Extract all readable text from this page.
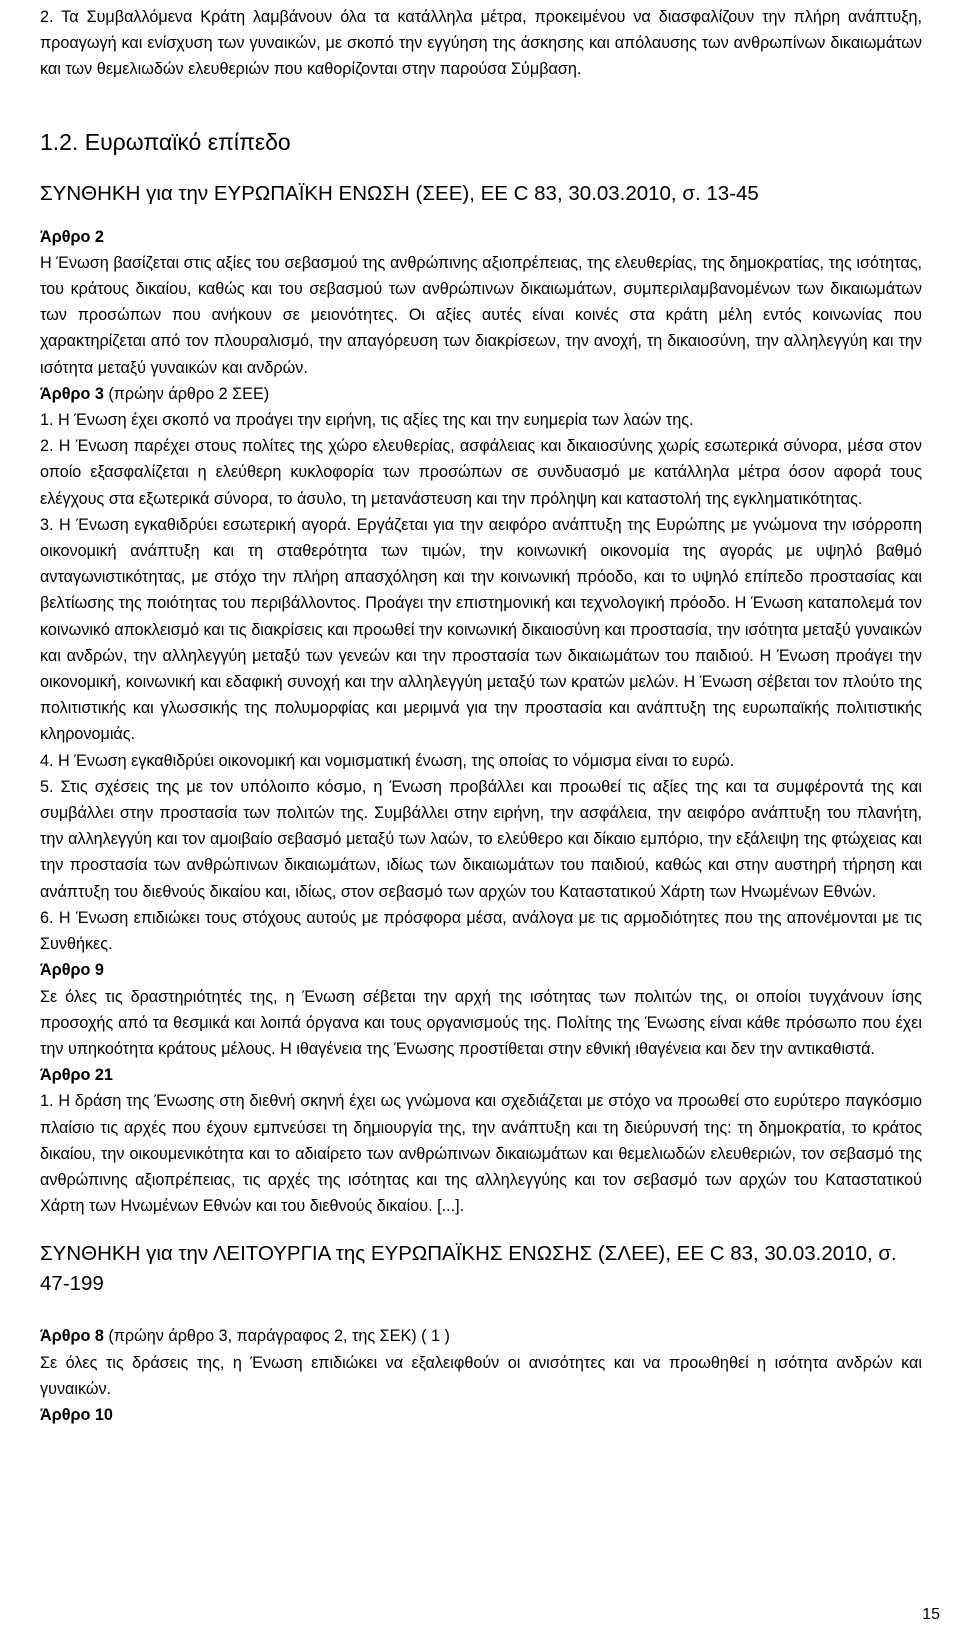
2. Τα Συμβαλλόμενα Κράτη λαμβάνουν όλα τα κατάλληλα μέτρα, προκειμένου να διασφαλίζουν την πλήρη ανάπτυξη, προαγωγή και ενίσχυση των γυναικών, με σκοπό την εγγύηση της άσκησης και απόλαυσης των ανθρωπίνων δικαιωμάτων και των θεμελιωδών ελευθεριών που καθορίζονται στην παρούσα Σύμβαση.

1.2. Ευρωπαϊκό επίπεδο
ΣΥΝΘΗΚΗ για την ΕΥΡΩΠΑΪΚΗ ΕΝΩΣΗ (ΣΕΕ), ΕΕ C 83, 30.03.2010, σ. 13-45
Άρθρο 2

Η Ένωση βασίζεται στις αξίες του σεβασμού της ανθρώπινης αξιοπρέπειας, της ελευθερίας, της δημοκρατίας, της ισότητας, του κράτους δικαίου, καθώς και του σεβασμού των ανθρώπινων δικαιωμάτων, συμπεριλαμβανομένων των δικαιωμάτων των προσώπων που ανήκουν σε μειονότητες. Οι αξίες αυτές είναι κοινές στα κράτη μέλη εντός κοινωνίας που χαρακτηρίζεται από τον πλουραλισμό, την απαγόρευση των διακρίσεων, την ανοχή, τη δικαιοσύνη, την αλληλεγγύη και την ισότητα μεταξύ γυναικών και ανδρών.

Άρθρο 3 (πρώην άρθρο 2 ΣΕΕ)

1. Η Ένωση έχει σκοπό να προάγει την ειρήνη, τις αξίες της και την ευημερία των λαών της.

2. Η Ένωση παρέχει στους πολίτες της χώρο ελευθερίας, ασφάλειας και δικαιοσύνης χωρίς εσωτερικά σύνορα, μέσα στον οποίο εξασφαλίζεται η ελεύθερη κυκλοφορία των προσώπων σε συνδυασμό με κατάλληλα μέτρα όσον αφορά τους ελέγχους στα εξωτερικά σύνορα, το άσυλο, τη μετανάστευση και την πρόληψη και καταστολή της εγκληματικότητας.

3. Η Ένωση εγκαθιδρύει εσωτερική αγορά. Εργάζεται για την αειφόρο ανάπτυξη της Ευρώπης με γνώμονα την ισόρροπη οικονομική ανάπτυξη και τη σταθερότητα των τιμών, την κοινωνική οικονομία της αγοράς με υψηλό βαθμό ανταγωνιστικότητας, με στόχο την πλήρη απασχόληση και την κοινωνική πρόοδο, και το υψηλό επίπεδο προστασίας και βελτίωσης της ποιότητας του περιβάλλοντος. Προάγει την επιστημονική και τεχνολογική πρόοδο. Η Ένωση καταπολεμά τον κοινωνικό αποκλεισμό και τις διακρίσεις και προωθεί την κοινωνική δικαιοσύνη και προστασία, την ισότητα μεταξύ γυναικών και ανδρών, την αλληλεγγύη μεταξύ των γενεών και την προστασία των δικαιωμάτων του παιδιού. Η Ένωση προάγει την οικονομική, κοινωνική και εδαφική συνοχή και την αλληλεγγύη μεταξύ των κρατών μελών. Η Ένωση σέβεται τον πλούτο της πολιτιστικής και γλωσσικής της πολυμορφίας και μεριμνά για την προστασία και ανάπτυξη της ευρωπαϊκής πολιτιστικής κληρονομιάς.

4. Η Ένωση εγκαθιδρύει οικονομική και νομισματική ένωση, της οποίας το νόμισμα είναι το ευρώ.

5. Στις σχέσεις της με τον υπόλοιπο κόσμο, η Ένωση προβάλλει και προωθεί τις αξίες της και τα συμφέροντά της και συμβάλλει στην προστασία των πολιτών της. Συμβάλλει στην ειρήνη, την ασφάλεια, την αειφόρο ανάπτυξη του πλανήτη, την αλληλεγγύη και τον αμοιβαίο σεβασμό μεταξύ των λαών, το ελεύθερο και δίκαιο εμπόριο, την εξάλειψη της φτώχειας και την προστασία των ανθρώπινων δικαιωμάτων, ιδίως των δικαιωμάτων του παιδιού, καθώς και στην αυστηρή τήρηση και ανάπτυξη του διεθνούς δικαίου και, ιδίως, στον σεβασμό των αρχών του Καταστατικού Χάρτη των Ηνωμένων Εθνών.

6. Η Ένωση επιδιώκει τους στόχους αυτούς με πρόσφορα μέσα, ανάλογα με τις αρμοδιότητες που της απονέμονται με τις Συνθήκες.

Άρθρο 9

Σε όλες τις δραστηριότητές της, η Ένωση σέβεται την αρχή της ισότητας των πολιτών της, οι οποίοι τυγχάνουν ίσης προσοχής από τα θεσμικά και λοιπά όργανα και τους οργανισμούς της. Πολίτης της Ένωσης είναι κάθε πρόσωπο που έχει την υπηκοότητα κράτους μέλους. Η ιθαγένεια της Ένωσης προστίθεται στην εθνική ιθαγένεια και δεν την αντικαθιστά.

Άρθρο 21

1. Η δράση της Ένωσης στη διεθνή σκηνή έχει ως γνώμονα και σχεδιάζεται με στόχο να προωθεί στο ευρύτερο παγκόσμιο πλαίσιο τις αρχές που έχουν εμπνεύσει τη δημιουργία της, την ανάπτυξη και τη διεύρυνσή της: τη δημοκρατία, το κράτος δικαίου, την οικουμενικότητα και το αδιαίρετο των ανθρώπινων δικαιωμάτων και θεμελιωδών ελευθεριών, τον σεβασμό της ανθρώπινης αξιοπρέπειας, τις αρχές της ισότητας και της αλληλεγγύης και τον σεβασμό των αρχών του Καταστατικού Χάρτη των Ηνωμένων Εθνών και του διεθνούς δικαίου. [...].

ΣΥΝΘΗΚΗ για την ΛΕΙΤΟΥΡΓΙΑ της ΕΥΡΩΠΑΪΚΗΣ ΕΝΩΣΗΣ (ΣΛΕΕ), ΕΕ C 83, 30.03.2010, σ. 47-199
Άρθρο 8 (πρώην άρθρο 3, παράγραφος 2, της ΣΕΚ) ( 1 )

Σε όλες τις δράσεις της, η Ένωση επιδιώκει να εξαλειφθούν οι ανισότητες και να προωθηθεί η ισότητα ανδρών και γυναικών.

Άρθρο 10
15
